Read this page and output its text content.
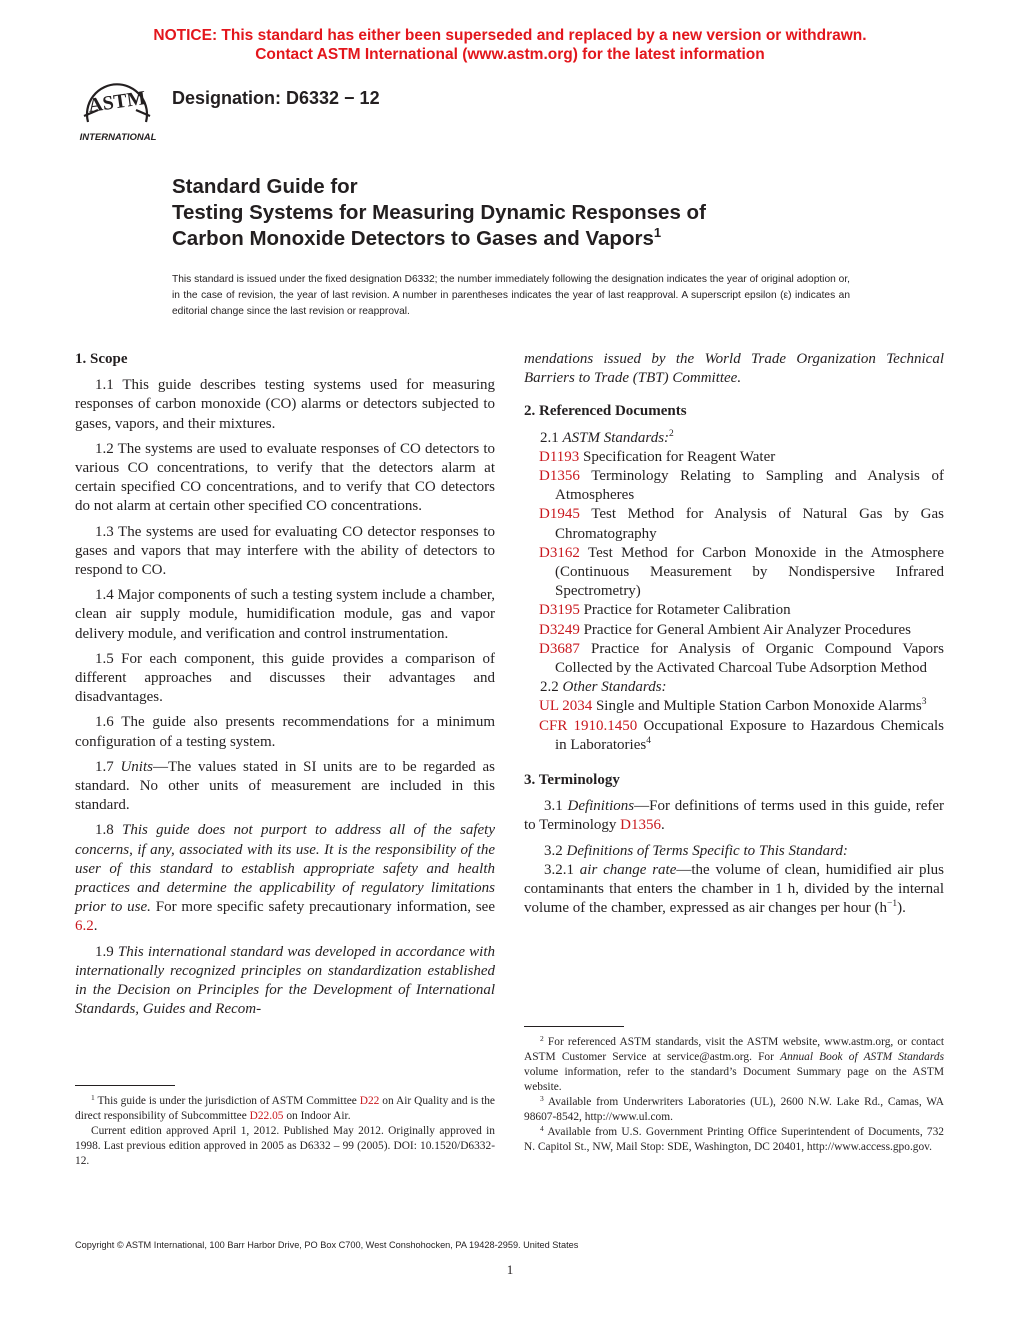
NOTICE: This standard has either been superseded and replaced by a new version or withdrawn.
Contact ASTM International (www.astm.org) for the latest information
ASTM
INTERNATIONAL
Designation: D6332 − 12
Standard Guide for
Testing Systems for Measuring Dynamic Responses of
Carbon Monoxide Detectors to Gases and Vapors$^1$
This standard is issued under the fixed designation D6332; the number immediately following the designation indicates the year of original adoption or, in the case of revision, the year of last revision. A number in parentheses indicates the year of last reapproval. A superscript epsilon (ε) indicates an editorial change since the last revision or reapproval.
1. Scope

1.1 This guide describes testing systems used for measuring responses of carbon monoxide (CO) alarms or detectors subjected to gases, vapors, and their mixtures.

1.2 The systems are used to evaluate responses of CO detectors to various CO concentrations, to verify that the detectors alarm at certain specified CO concentrations, and to verify that CO detectors do not alarm at certain other specified CO concentrations.

1.3 The systems are used for evaluating CO detector responses to gases and vapors that may interfere with the ability of detectors to respond to CO.

1.4 Major components of such a testing system include a chamber, clean air supply module, humidification module, gas and vapor delivery module, and verification and control instrumentation.

1.5 For each component, this guide provides a comparison of different approaches and discusses their advantages and disadvantages.

1.6 The guide also presents recommendations for a minimum configuration of a testing system.

1.7 Units—The values stated in SI units are to be regarded as standard. No other units of measurement are included in this standard.

1.8 This guide does not purport to address all of the safety concerns, if any, associated with its use. It is the responsibility of the user of this standard to establish appropriate safety and health practices and determine the applicability of regulatory limitations prior to use. For more specific safety precautionary information, see 6.2.

1.9 This international standard was developed in accordance with internationally recognized principles on standardization established in the Decision on Principles for the Development of International Standards, Guides and Recom-

$^1$ This guide is under the jurisdiction of ASTM Committee D22 on Air Quality and is the direct responsibility of Subcommittee D22.05 on Indoor Air.

Current edition approved April 1, 2012. Published May 2012. Originally approved in 1998. Last previous edition approved in 2005 as D6332 – 99 (2005). DOI: 10.1520/D6332-12.

$^2$ For referenced ASTM standards, visit the ASTM website, www.astm.org, or contact ASTM Customer Service at service@astm.org. For Annual Book of ASTM Standards volume information, refer to the standard’s Document Summary page on the ASTM website.

$^3$ Available from Underwriters Laboratories (UL), 2600 N.W. Lake Rd., Camas, WA 98607-8542, http://www.ul.com.

$^4$ Available from U.S. Government Printing Office Superintendent of Documents, 732 N. Capitol St., NW, Mail Stop: SDE, Washington, DC 20401, http://www.access.gpo.gov.

mendations issued by the World Trade Organization Technical Barriers to Trade (TBT) Committee.

2. Referenced Documents

2.1 ASTM Standards:$^2$

D1193 Specification for Reagent Water

D1356 Terminology Relating to Sampling and Analysis of Atmospheres

D1945 Test Method for Analysis of Natural Gas by Gas Chromatography

D3162 Test Method for Carbon Monoxide in the Atmosphere (Continuous Measurement by Nondispersive Infrared Spectrometry)

D3195 Practice for Rotameter Calibration

D3249 Practice for General Ambient Air Analyzer Procedures

D3687 Practice for Analysis of Organic Compound Vapors Collected by the Activated Charcoal Tube Adsorption Method

2.2 Other Standards:

UL 2034 Single and Multiple Station Carbon Monoxide Alarms$^3$

CFR 1910.1450 Occupational Exposure to Hazardous Chemicals in Laboratories$^4$

3. Terminology

3.1 Definitions—For definitions of terms used in this guide, refer to Terminology D1356.

3.2 Definitions of Terms Specific to This Standard:

3.2.1 air change rate—the volume of clean, humidified air plus contaminants that enters the chamber in 1 h, divided by the internal volume of the chamber, expressed as air changes per hour $(h^{-1})$.

Copyright © ASTM International, 100 Barr Harbor Drive, PO Box C700, West Conshohocken, PA 19428-2959. United States
1
